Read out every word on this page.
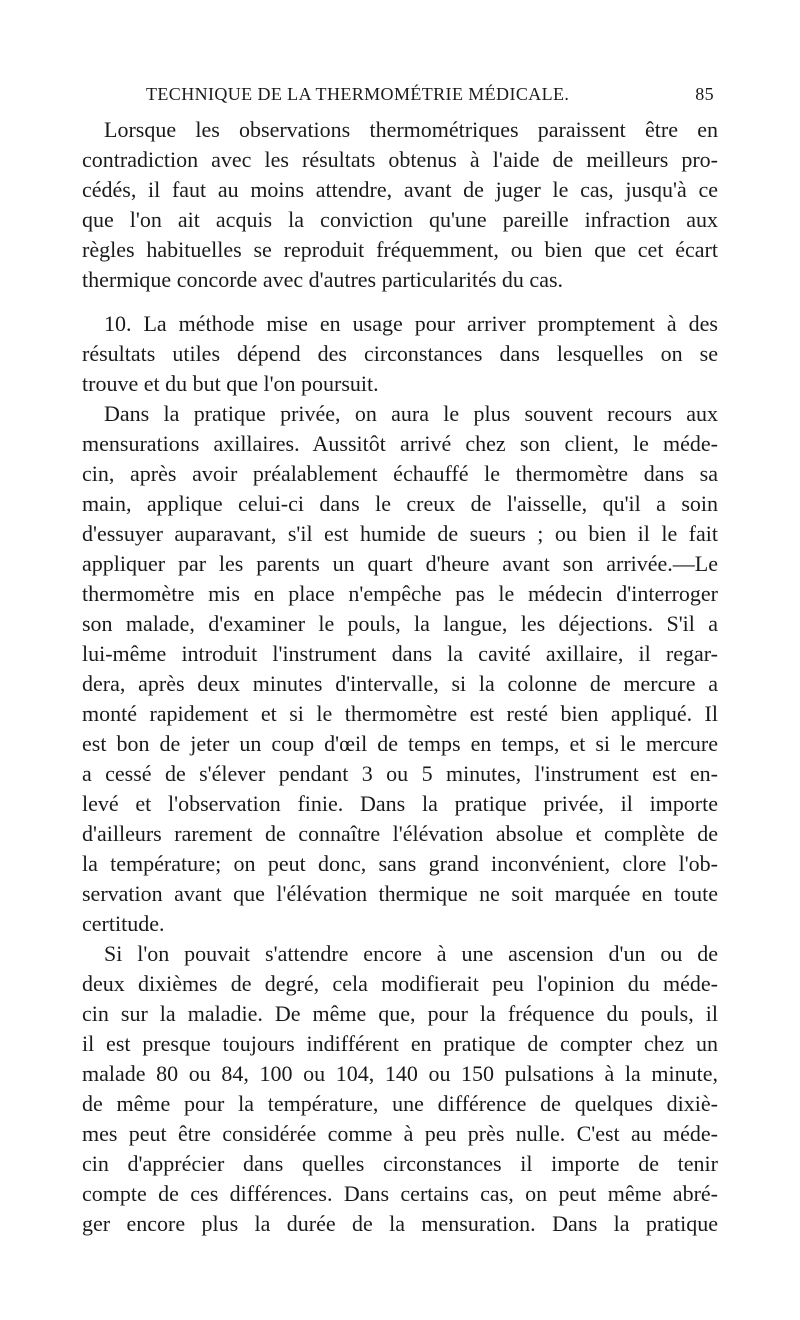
TECHNIQUE DE LA THERMOMÉTRIE MÉDICALE.	85
Lorsque les observations thermométriques paraissent être en
contradiction avec les résultats obtenus à l'aide de meilleurs pro-
cédés, il faut au moins attendre, avant de juger le cas, jusqu'à ce
que l'on ait acquis la conviction qu'une pareille infraction aux
règles habituelles se reproduit fréquemment, ou bien que cet écart
thermique concorde avec d'autres particularités du cas.
10. La méthode mise en usage pour arriver promptement à des
résultats utiles dépend des circonstances dans lesquelles on se
trouve et du but que l'on poursuit.
Dans la pratique privée, on aura le plus souvent recours aux
mensurations axillaires. Aussitôt arrivé chez son client, le méde-
cin, après avoir préalablement échauffé le thermomètre dans sa
main, applique celui-ci dans le creux de l'aisselle, qu'il a soin
d'essuyer auparavant, s'il est humide de sueurs ; ou bien il le fait
appliquer par les parents un quart d'heure avant son arrivée.—Le
thermomètre mis en place n'empêche pas le médecin d'interroger
son malade, d'examiner le pouls, la langue, les déjections. S'il a
lui-même introduit l'instrument dans la cavité axillaire, il regar-
dera, après deux minutes d'intervalle, si la colonne de mercure a
monté rapidement et si le thermomètre est resté bien appliqué. Il
est bon de jeter un coup d'œil de temps en temps, et si le mercure
a cessé de s'élever pendant 3 ou 5 minutes, l'instrument est en-
levé et l'observation finie. Dans la pratique privée, il importe
d'ailleurs rarement de connaître l'élévation absolue et complète de
la température; on peut donc, sans grand inconvénient, clore l'ob-
servation avant que l'élévation thermique ne soit marquée en toute
certitude.
Si l'on pouvait s'attendre encore à une ascension d'un ou de
deux dixièmes de degré, cela modifierait peu l'opinion du méde-
cin sur la maladie. De même que, pour la fréquence du pouls, il
il est presque toujours indifférent en pratique de compter chez un
malade 80 ou 84, 100 ou 104, 140 ou 150 pulsations à la minute,
de même pour la température, une différence de quelques dixiè-
mes peut être considérée comme à peu près nulle. C'est au méde-
cin d'apprécier dans quelles circonstances il importe de tenir
compte de ces différences. Dans certains cas, on peut même abré-
ger encore plus la durée de la mensuration. Dans la pratique
